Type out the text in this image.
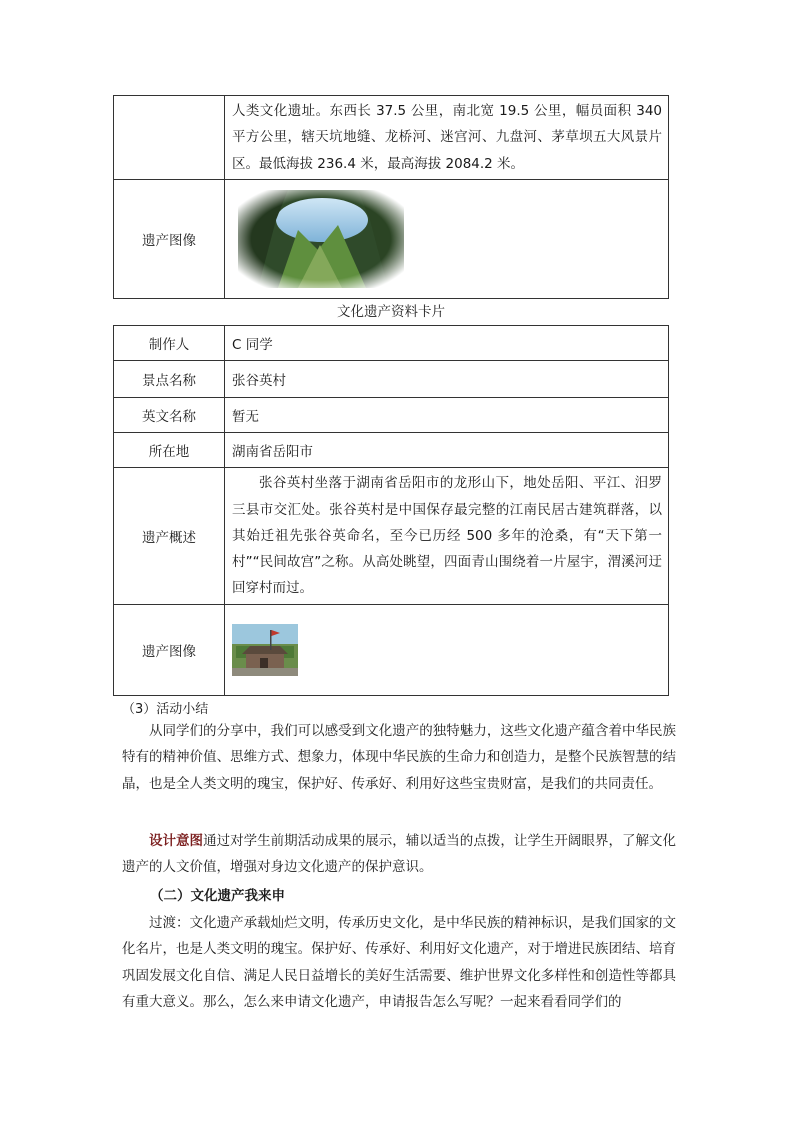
	人类文化遗址。东西长 37.5 公里，南北宽 19.5 公里，幅员面积 340 平方公里，辖天坑地缝、龙桥河、迷宫河、九盘河、茅草坝五大风景片区。最低海拔 236.4 米，最高海拔 2084.2 米。

遗产图像	
文化遗产资料卡片
制作人	C 同学
景点名称	张谷英村
英文名称	暂无
所在地	湖南省岳阳市
遗产概述	张谷英村坐落于湖南省岳阳市的龙形山下，地处岳阳、平江、汨罗三县市交汇处。张谷英村是中国保存最完整的江南民居古建筑群落，以其始迁祖先张谷英命名，至今已历经 500 多年的沧桑，有“天下第一村”“民间故宫”之称。从高处眺望，四面青山围绕着一片屋宇，渭溪河迂回穿村而过。

遗产图像	
（3）活动小结
从同学们的分享中，我们可以感受到文化遗产的独特魅力，这些文化遗产蕴含着中华民族特有的精神价值、思维方式、想象力，体现中华民族的生命力和创造力，是整个民族智慧的结晶，也是全人类文明的瑰宝，保护好、传承好、利用好这些宝贵财富，是我们的共同责任。
设计意图通过对学生前期活动成果的展示，辅以适当的点拨，让学生开阔眼界，了解文化遗产的人文价值，增强对身边文化遗产的保护意识。
（二）文化遗产我来申
过渡：文化遗产承载灿烂文明，传承历史文化，是中华民族的精神标识，是我们国家的文化名片，也是人类文明的瑰宝。保护好、传承好、利用好文化遗产，对于增进民族团结、培育巩固发展文化自信、满足人民日益增长的美好生活需要、维护世界文化多样性和创造性等都具有重大意义。那么，怎么来申请文化遗产，申请报告怎么写呢？一起来看看同学们的
